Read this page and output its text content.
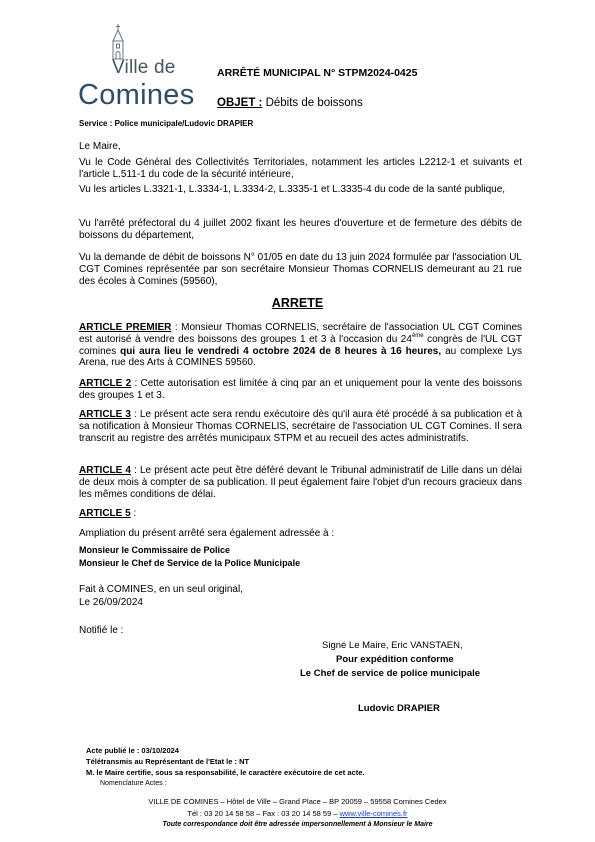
Ville de
Comines
ARRÊTÉ MUNICIPAL N° STPM2024-0425
OBJET : Débits de boissons
Service : Police municipale/Ludovic DRAPIER
Le Maire,
Vu le Code Général des Collectivités Territoriales, notamment les articles L2212-1 et suivants et l'article L.511-1 du code de la sécurité intérieure,
Vu les articles L.3321-1, L.3334-1, L.3334-2, L.3335-1 et L.3335-4 du code de la santé publique,
Vu l'arrêté préfectoral du 4 juillet 2002 fixant les heures d'ouverture et de fermeture des débits de boissons du département,
Vu la demande de débit de boissons N° 01/05 en date du 13 juin 2024 formulée par l'association UL CGT Comines représentée par son secrétaire Monsieur Thomas CORNELIS demeurant au 21 rue des écoles à Comines (59560),
ARRETE
ARTICLE PREMIER : Monsieur Thomas CORNELIS, secrétaire de l'association UL CGT Comines est autorisé à vendre des boissons des groupes 1 et 3 à l'occasion du 24ème congrès de l'UL CGT comines qui aura lieu le vendredi 4 octobre 2024 de 8 heures à 16 heures, au complexe Lys Arena, rue des Arts à COMINES 59560.
ARTICLE 2 : Cette autorisation est limitée à cinq par an et uniquement pour la vente des boissons des groupes 1 et 3.
ARTICLE 3 : Le présent acte sera rendu exécutoire dès qu'il aura été procédé à sa publication et à sa notification à Monsieur Thomas CORNELIS, secrétaire de l'association UL CGT Comines. Il sera transcrit au registre des arrêtés municipaux STPM et au recueil des actes administratifs.
ARTICLE 4 : Le présent acte peut être déféré devant le Tribunal administratif de Lille dans un délai de deux mois à compter de sa publication. Il peut également faire l'objet d'un recours gracieux dans les mêmes conditions de délai.
ARTICLE 5 :
Ampliation du présent arrêté sera également adressée à :
Monsieur le Commissaire de Police
Monsieur le Chef de Service de la Police Municipale
Fait à COMINES, en un seul original,
Le 26/09/2024
Notifié le :
Signé Le Maire, Eric VANSTAEN,
Pour expédition conforme
Le Chef de service de police municipale
Ludovic DRAPIER
Acte publié le : 03/10/2024
Télétransmis au Représentant de l'Etat le : NT
M. le Maire certifie, sous sa responsabilité, le caractère exécutoire de cet acte.
Nomenclature Actes :
VILLE DE COMINES – Hôtel de Ville – Grand Place – BP 20059 – 59558 Comines Cedex
Tél : 03 20 14 58 58 – Fax : 03 20 14 58 59 – www.ville-comines.fr
Toute correspondance doit être adressée impersonnellement à Monsieur le Maire
